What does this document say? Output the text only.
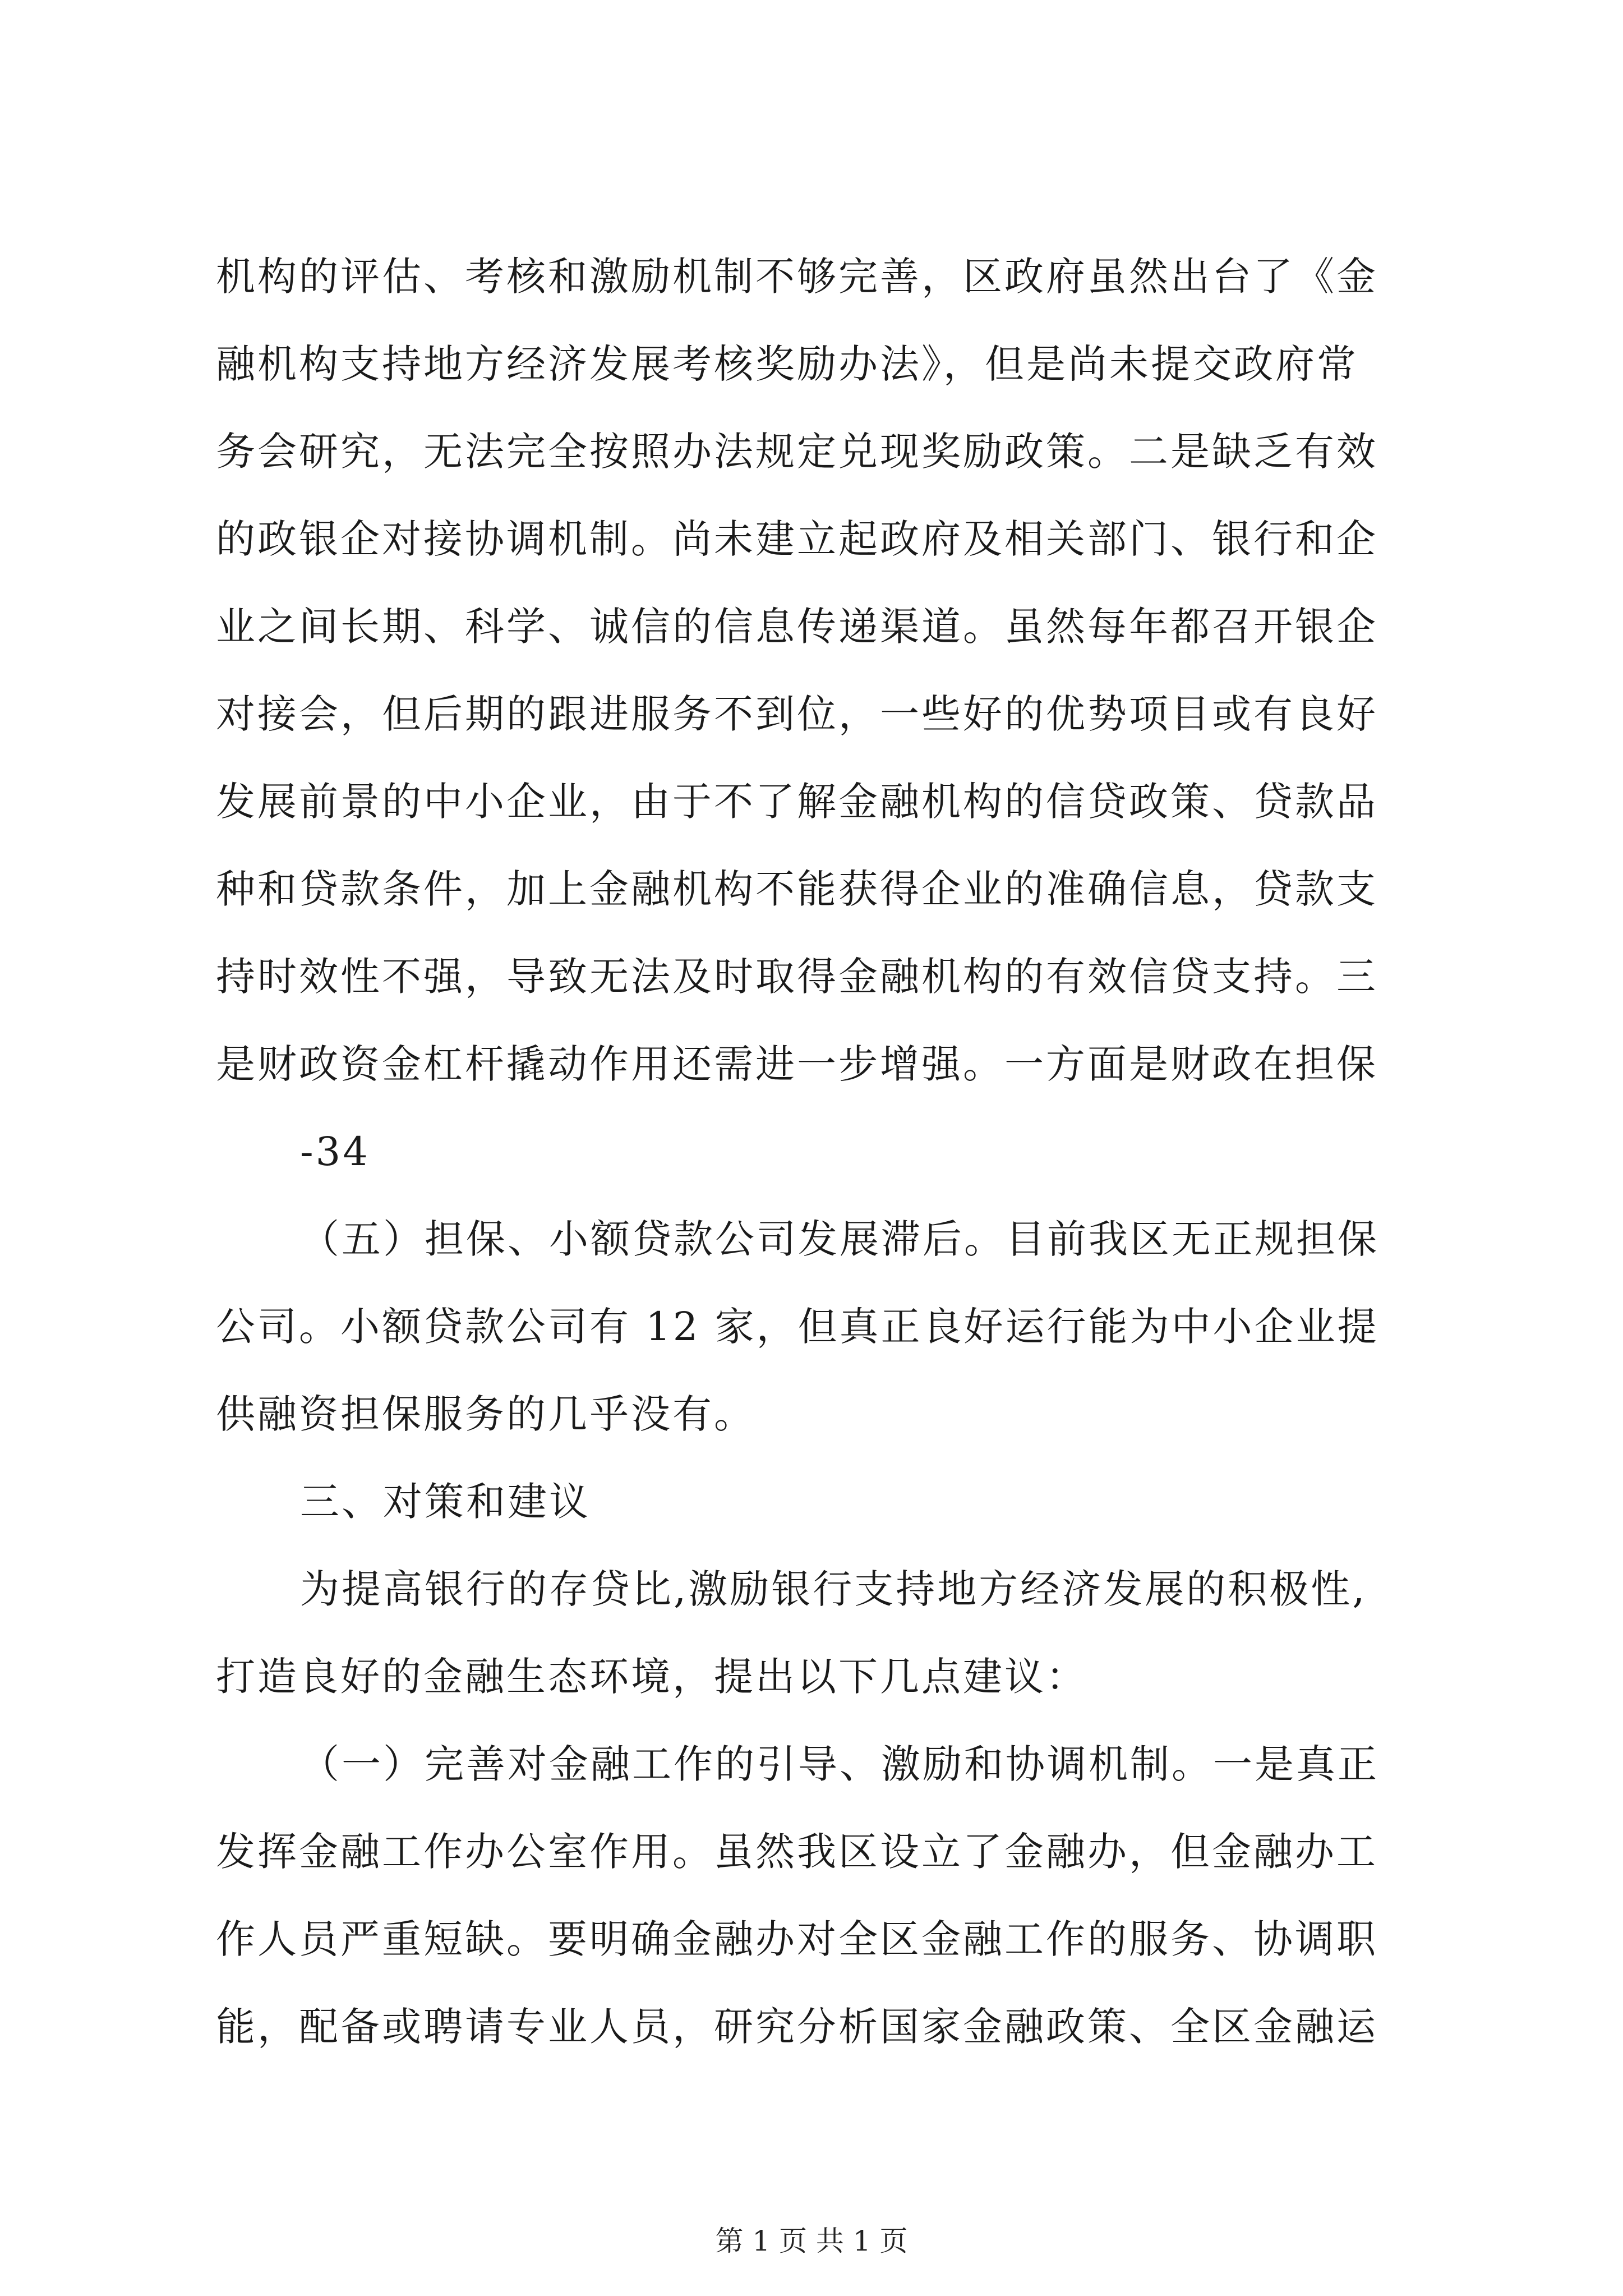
机构的评估、考核和激励机制不够完善，区政府虽然出台了《金
融机构支持地方经济发展考核奖励办法》，但是尚未提交政府常
务会研究，无法完全按照办法规定兑现奖励政策。二是缺乏有效
的政银企对接协调机制。尚未建立起政府及相关部门、银行和企
业之间长期、科学、诚信的信息传递渠道。虽然每年都召开银企
对接会，但后期的跟进服务不到位，一些好的优势项目或有良好
发展前景的中小企业，由于不了解金融机构的信贷政策、贷款品
种和贷款条件，加上金融机构不能获得企业的准确信息，贷款支
持时效性不强，导致无法及时取得金融机构的有效信贷支持。三
是财政资金杠杆撬动作用还需进一步增强。一方面是财政在担保
-34
（五）担保、小额贷款公司发展滞后。目前我区无正规担保
公司。小额贷款公司有 12 家，但真正良好运行能为中小企业提
供融资担保服务的几乎没有。
三、对策和建议
为提高银行的存贷比,激励银行支持地方经济发展的积极性,
打造良好的金融生态环境，提出以下几点建议：
（一）完善对金融工作的引导、激励和协调机制。一是真正
发挥金融工作办公室作用。虽然我区设立了金融办，但金融办工
第 1 页 共 1 页
作人员严重短缺。要明确金融办对全区金融工作的服务、协调职
能，配备或聘请专业人员，研究分析国家金融政策、全区金融运
